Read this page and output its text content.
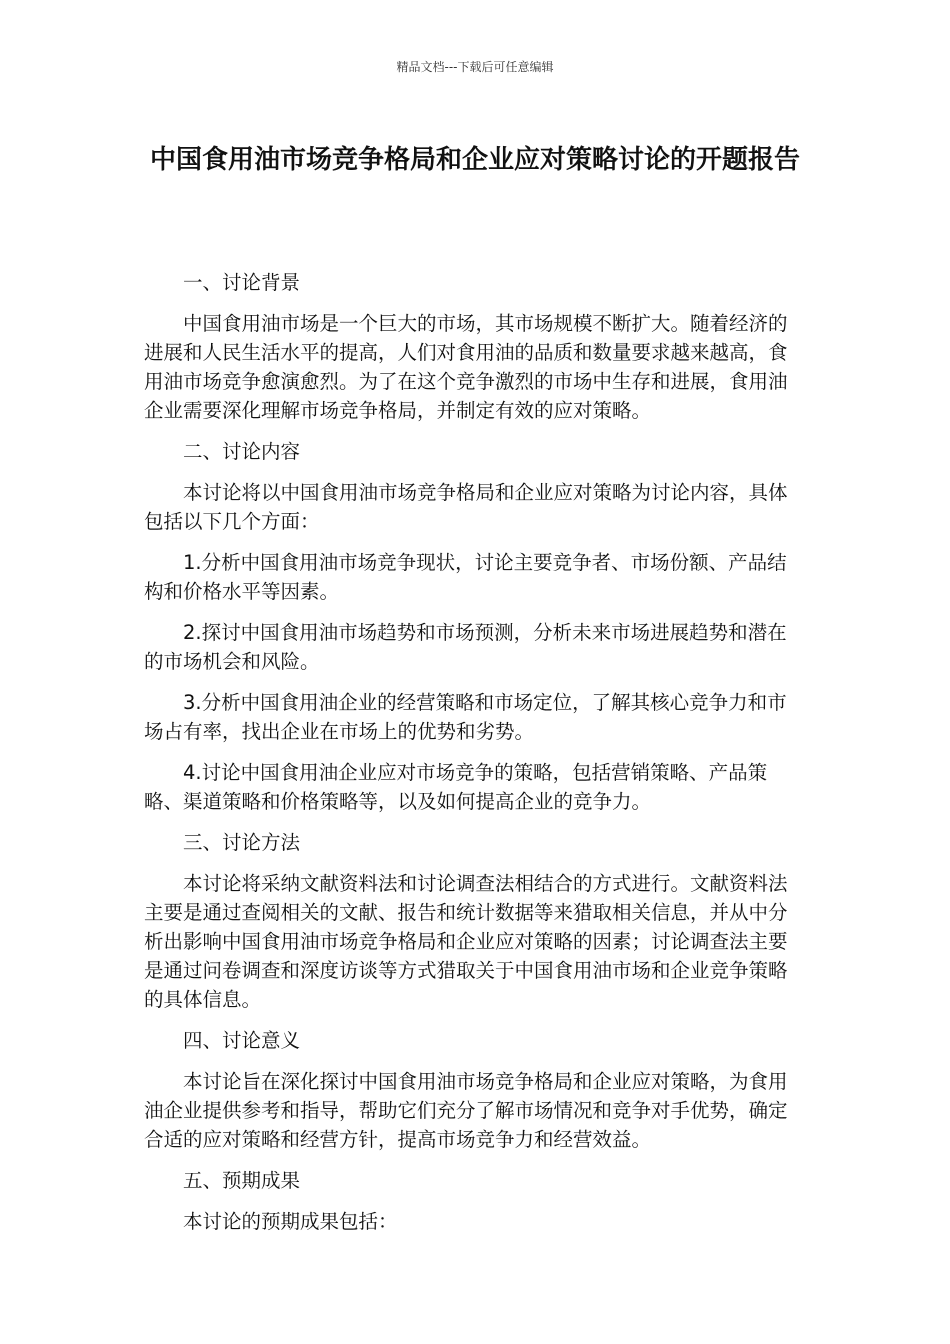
精品文档---下载后可任意编辑
中国食用油市场竞争格局和企业应对策略讨论的开题报告

一、讨论背景

中国食用油市场是一个巨大的市场，其市场规模不断扩大。随着经济的进展和人民生活水平的提高，人们对食用油的品质和数量要求越来越高，食用油市场竞争愈演愈烈。为了在这个竞争激烈的市场中生存和进展，食用油企业需要深化理解市场竞争格局，并制定有效的应对策略。

二、讨论内容

本讨论将以中国食用油市场竞争格局和企业应对策略为讨论内容，具体包括以下几个方面：

1.分析中国食用油市场竞争现状，讨论主要竞争者、市场份额、产品结构和价格水平等因素。

2.探讨中国食用油市场趋势和市场预测，分析未来市场进展趋势和潜在的市场机会和风险。

3.分析中国食用油企业的经营策略和市场定位，了解其核心竞争力和市场占有率，找出企业在市场上的优势和劣势。

4.讨论中国食用油企业应对市场竞争的策略，包括营销策略、产品策略、渠道策略和价格策略等，以及如何提高企业的竞争力。

三、讨论方法

本讨论将采纳文献资料法和讨论调查法相结合的方式进行。文献资料法主要是通过查阅相关的文献、报告和统计数据等来猎取相关信息，并从中分析出影响中国食用油市场竞争格局和企业应对策略的因素；讨论调查法主要是通过问卷调查和深度访谈等方式猎取关于中国食用油市场和企业竞争策略的具体信息。

四、讨论意义

本讨论旨在深化探讨中国食用油市场竞争格局和企业应对策略，为食用油企业提供参考和指导，帮助它们充分了解市场情况和竞争对手优势，确定合适的应对策略和经营方针，提高市场竞争力和经营效益。

五、预期成果

本讨论的预期成果包括：
